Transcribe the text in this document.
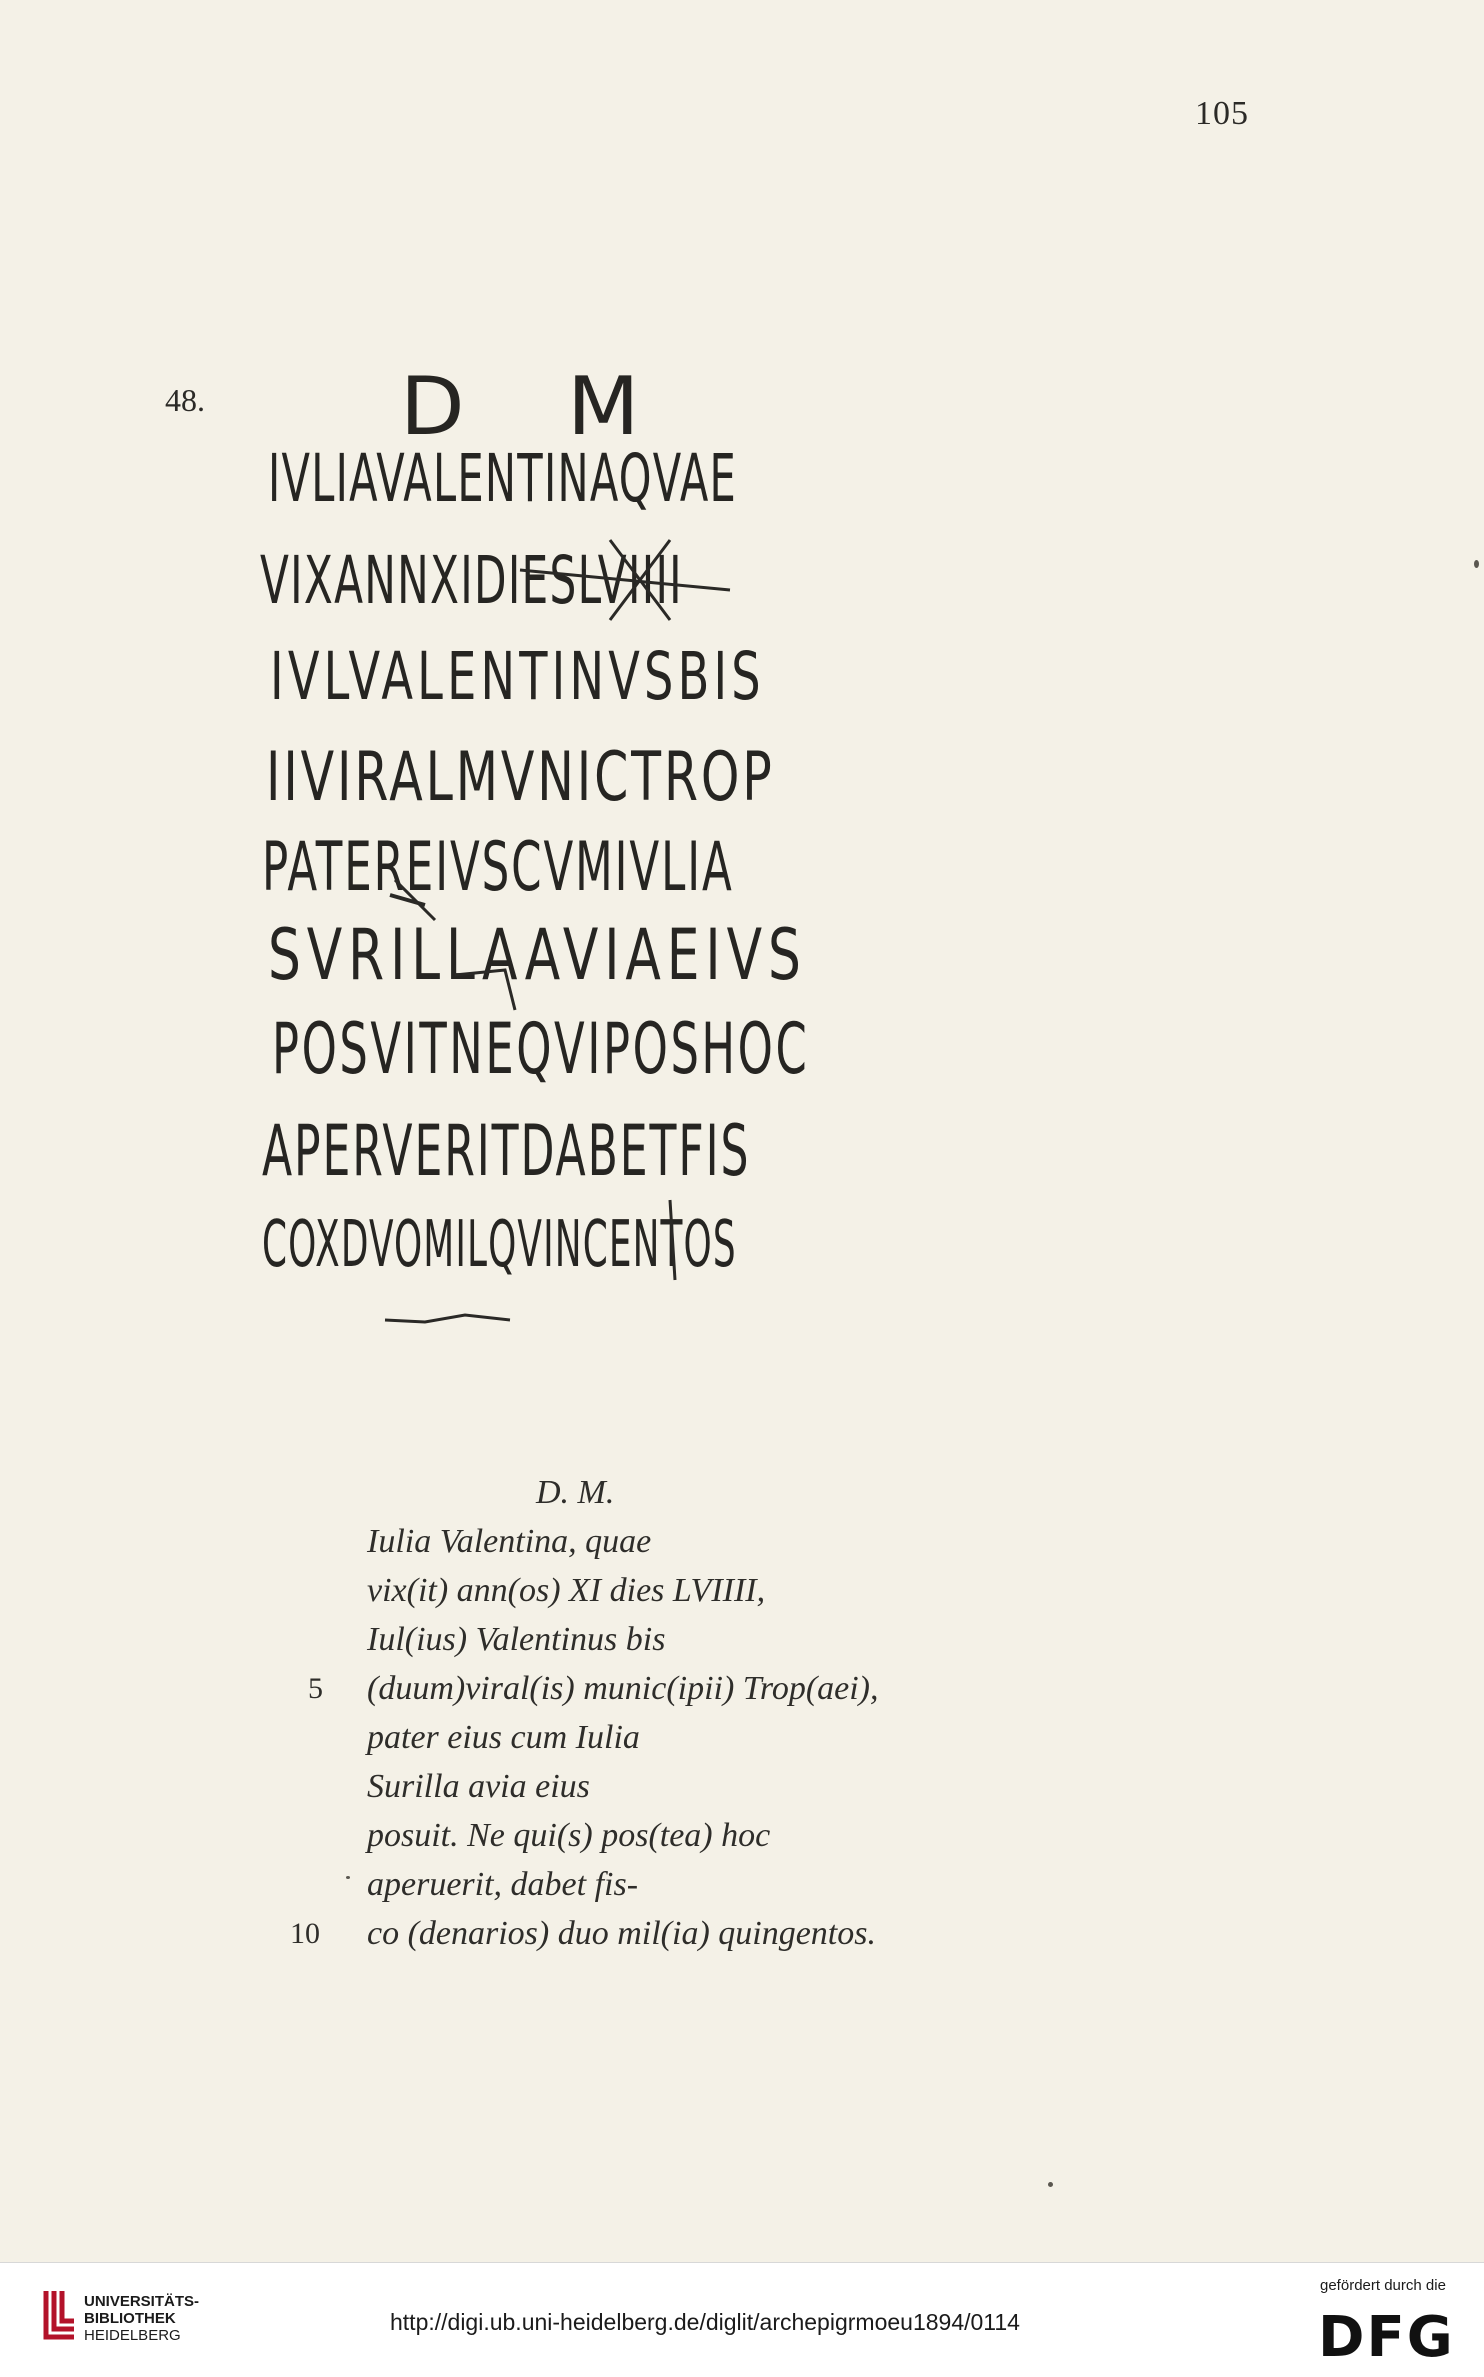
105
48. D M
IVLIAVALENTINAQVAE
VIXANNXIDIESLVIIII
IVLVALENTINVSBIS
IIVIRALMVNICTROP
PATEREIVSCVMIVLIA
SVRILLAAVIAEIVS
POSVITNEQVIPOSHOC
APERVERITDABETFIS
COXDVOMILQVINCENTOS
D. M.
Iulia Valentina, quae
vix(it) ann(os) XI dies LVIIII,
Iul(ius) Valentinus bis
5 (duum)viral(is) munic(ipii) Trop(aei),
pater eius cum Iulia
Surilla avia eius
posuit. Ne qui(s) pos(tea) hoc
aperuerit, dabet fis-
10 co (denarios) duo mil(ia) quingentos.
UNIVERSITÄTS-
BIBLIOTHEK
HEIDELBERG
http://digi.ub.uni-heidelberg.de/diglit/archepigrmoeu1894/0114
gefördert durch die
DFG
